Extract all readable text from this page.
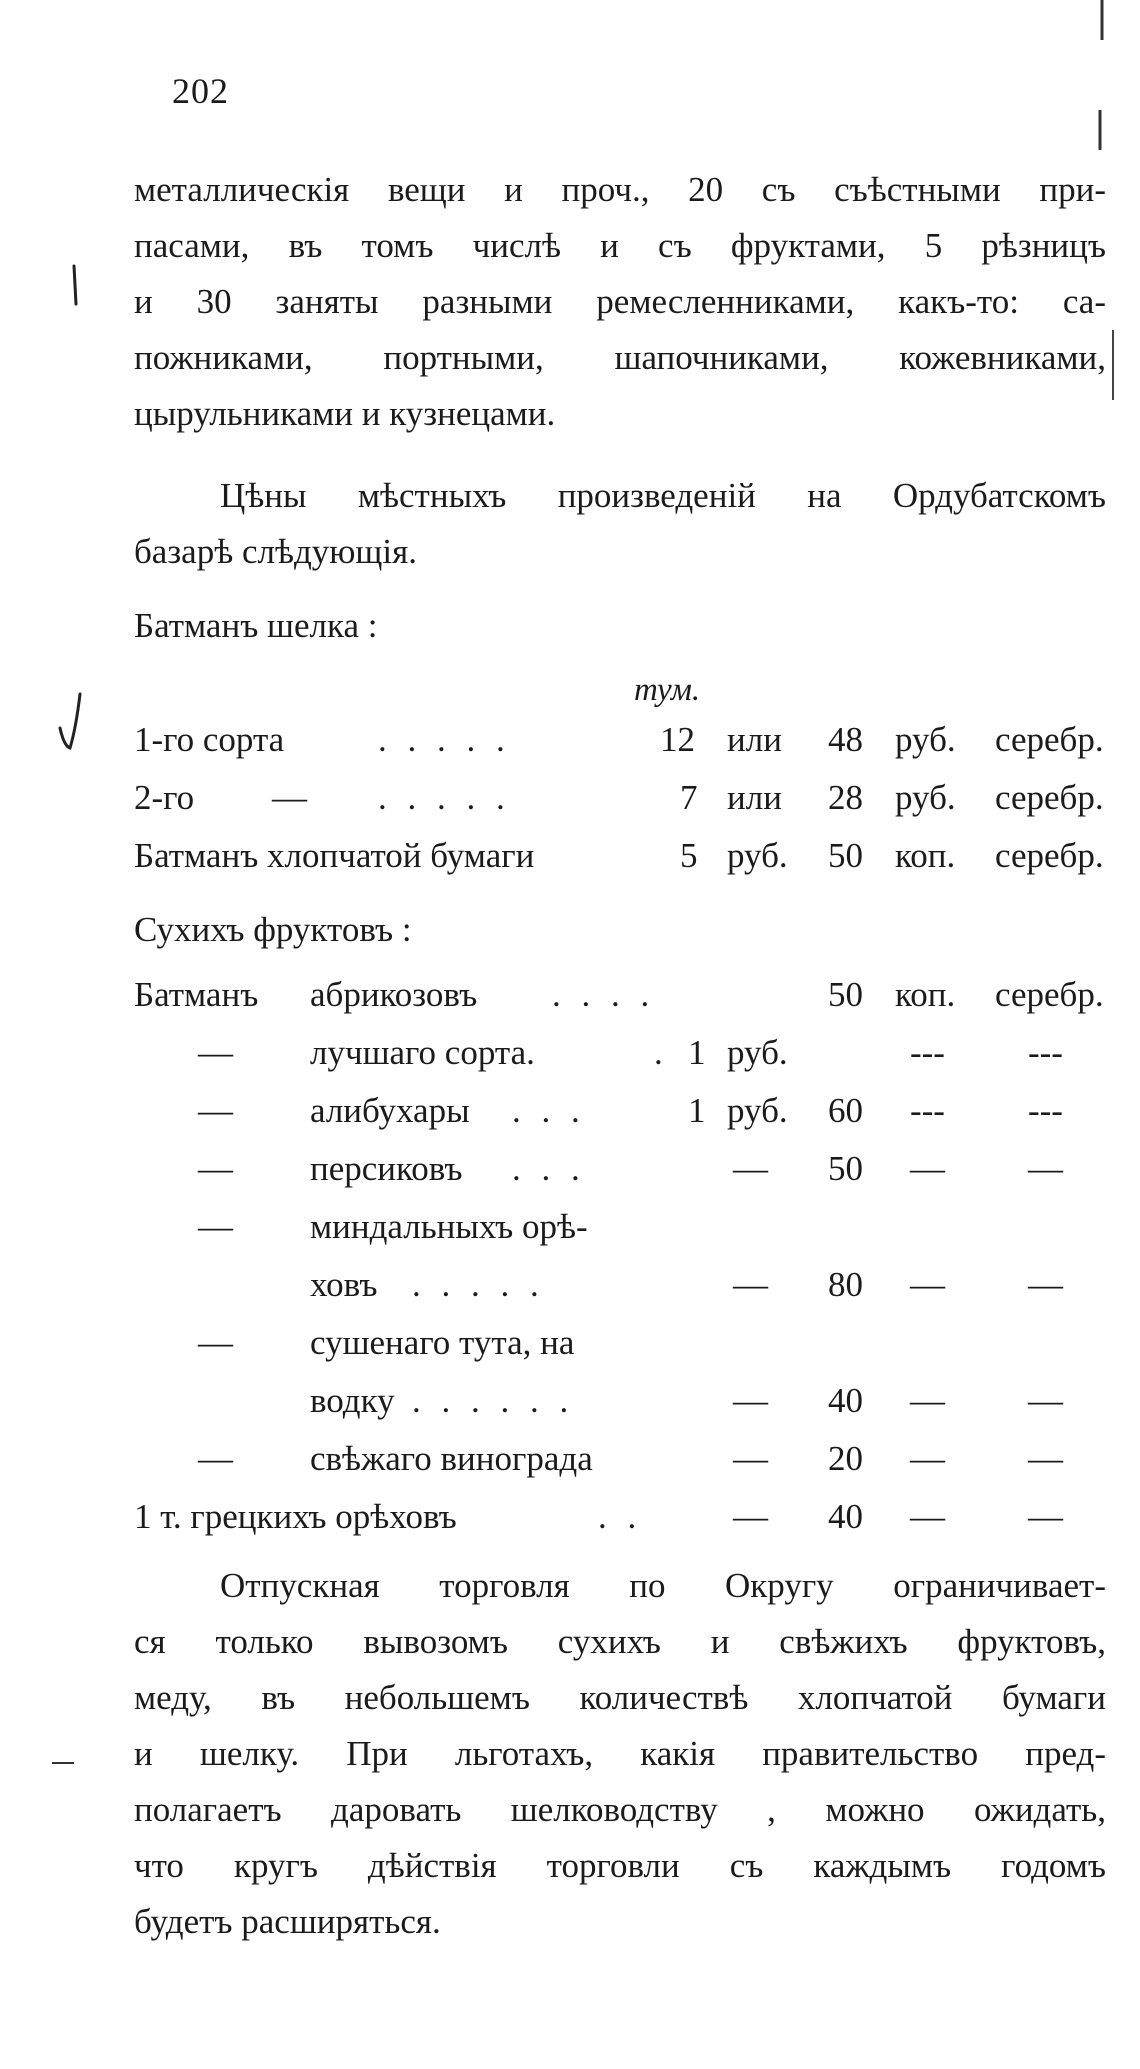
202
металлическія вещи и проч., 20 съ съѣстными при-
пасами, въ томъ числѣ и съ фруктами, 5 рѣзницъ
и 30 заняты разными ремесленниками, какъ-то: са-
пожниками, портными, шапочниками, кожевниками,
цырульниками и кузнецами.
Цѣны мѣстныхъ произведеній на Ордубатскомъ
базарѣ слѣдующія.
Батманъ шелка :
тум.
1-го сорта	. . . . .	12 или 48 руб. серебр.
2-го — . . . . .	7 или 28 руб. серебр.
Батманъ хлопчатой бумаги	5 руб. 50 коп. серебр.
Сухихъ фруктовъ :
Батманъ абрикозовъ . . . .	50 коп. серебр.
— лучшаго сорта.	. 1 руб.	--- ---
— алибухары . . .	1 руб. 60 --- ---
— персиковъ . . .	— 50 — —
— миндальныхъ орѣ-
ховъ . . . . .	— 80 — —
— сушенаго тута, на
водку . . . . . .	— 40 — —
— свѣжаго винограда	— 20 — —
1 т. грецкихъ орѣховъ	. .	— 40 — —
Отпускная торговля по Округу ограничивает-
ся только вывозомъ сухихъ и свѣжихъ фруктовъ,
меду, въ небольшемъ количествѣ хлопчатой бумаги
и шелку. При льготахъ, какія правительство пред-
полагаетъ даровать шелководству , можно ожидать,
что кругъ дѣйствія торговли съ каждымъ годомъ
будетъ расширяться.
